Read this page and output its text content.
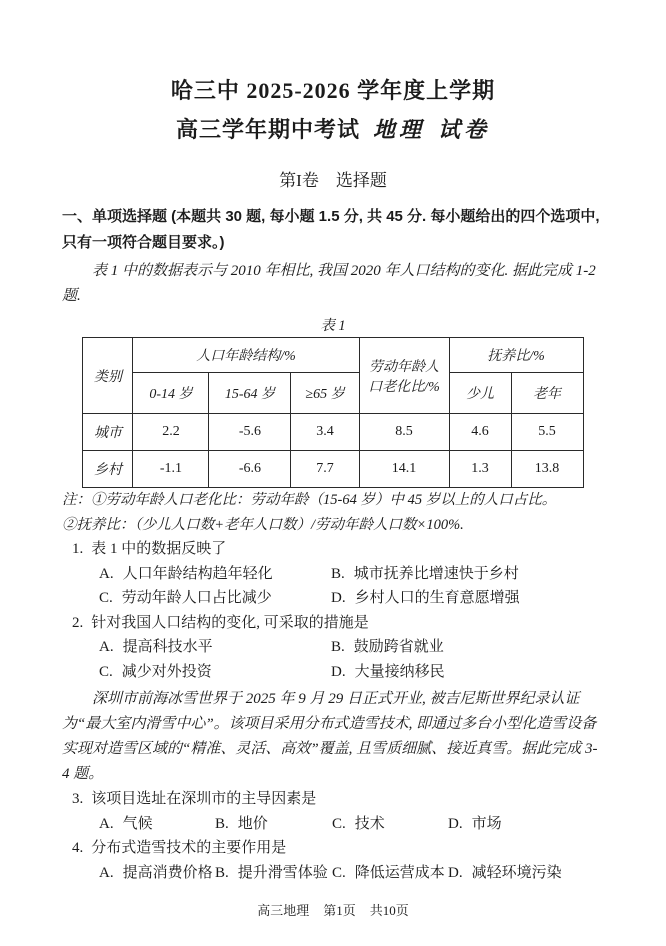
哈三中 2025-2026 学年度上学期
高三学年期中考试 地理 试卷
第I卷　选择题
一、单项选择题 (本题共 30 题, 每小题 1.5 分, 共 45 分. 每小题给出的四个选项中, 只有一项符合题目要求。)

表 1 中的数据表示与 2010 年相比, 我国 2020 年人口结构的变化. 据此完成 1-2 题.

表 1
类别	人口年龄结构/%			劳动年龄人口老化比/%	抚养比/%	
	0-14 岁	15-64 岁	≥65 岁		少儿	老年
城市	2.2	-5.6	3.4	8.5	4.6	5.5
乡村	-1.1	-6.6	7.7	14.1	1.3	13.8

注：①劳动年龄人口老化比：劳动年龄（15-64 岁）中 45 岁以上的人口占比。

②抚养比：（少儿人口数+老年人口数）/劳动年龄人口数×100%.

1. 表 1 中的数据反映了
A. 人口年龄结构趋年轻化	B. 城市抚养比增速快于乡村
C. 劳动年龄人口占比减少	D. 乡村人口的生育意愿增强
2. 针对我国人口结构的变化, 可采取的措施是
A. 提高科技水平	B. 鼓励跨省就业
C. 减少对外投资	D. 大量接纳移民

深圳市前海冰雪世界于 2025 年 9 月 29 日正式开业, 被吉尼斯世界纪录认证为“最大室内滑雪中心”。该项目采用分布式造雪技术, 即通过多台小型化造雪设备实现对造雪区域的“精准、灵活、高效”覆盖, 且雪质细腻、接近真雪。据此完成 3-4 题。

3. 该项目选址在深圳市的主导因素是
A. 气候	B. 地价	C. 技术	D. 市场
4. 分布式造雪技术的主要作用是
A. 提高消费价格 B. 提升滑雪体验 C. 降低运营成本 D. 减轻环境污染
高三地理 第1页 共10页
